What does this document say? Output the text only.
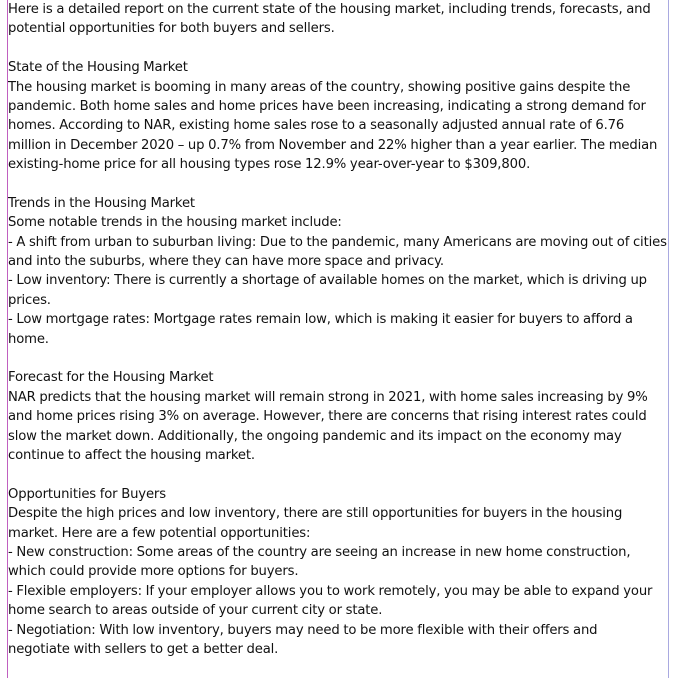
Here is a detailed report on the current state of the housing market, including trends, forecasts, and
potential opportunities for both buyers and sellers.
State of the Housing Market
The housing market is booming in many areas of the country, showing positive gains despite the
pandemic. Both home sales and home prices have been increasing, indicating a strong demand for
homes. According to NAR, existing home sales rose to a seasonally adjusted annual rate of 6.76
million in December 2020 – up 0.7% from November and 22% higher than a year earlier. The median
existing-home price for all housing types rose 12.9% year-over-year to $309,800.
Trends in the Housing Market
Some notable trends in the housing market include:
- A shift from urban to suburban living: Due to the pandemic, many Americans are moving out of cities
and into the suburbs, where they can have more space and privacy.
- Low inventory: There is currently a shortage of available homes on the market, which is driving up
prices.
- Low mortgage rates: Mortgage rates remain low, which is making it easier for buyers to afford a
home.
Forecast for the Housing Market
NAR predicts that the housing market will remain strong in 2021, with home sales increasing by 9%
and home prices rising 3% on average. However, there are concerns that rising interest rates could
slow the market down. Additionally, the ongoing pandemic and its impact on the economy may
continue to affect the housing market.
Opportunities for Buyers
Despite the high prices and low inventory, there are still opportunities for buyers in the housing
market. Here are a few potential opportunities:
- New construction: Some areas of the country are seeing an increase in new home construction,
which could provide more options for buyers.
- Flexible employers: If your employer allows you to work remotely, you may be able to expand your
home search to areas outside of your current city or state.
- Negotiation: With low inventory, buyers may need to be more flexible with their offers and
negotiate with sellers to get a better deal.
